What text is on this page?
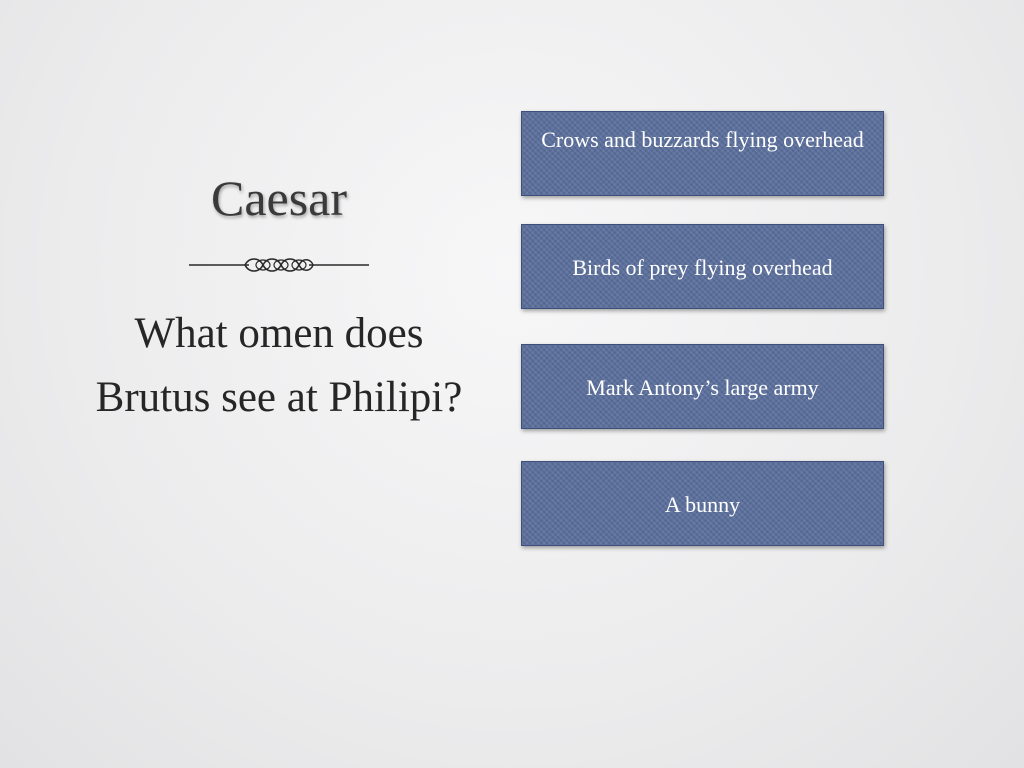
Caesar
What omen does Brutus see at Philipi?
Crows and buzzards flying overhead
Birds of prey flying overhead
Mark Antony’s large army
A bunny
